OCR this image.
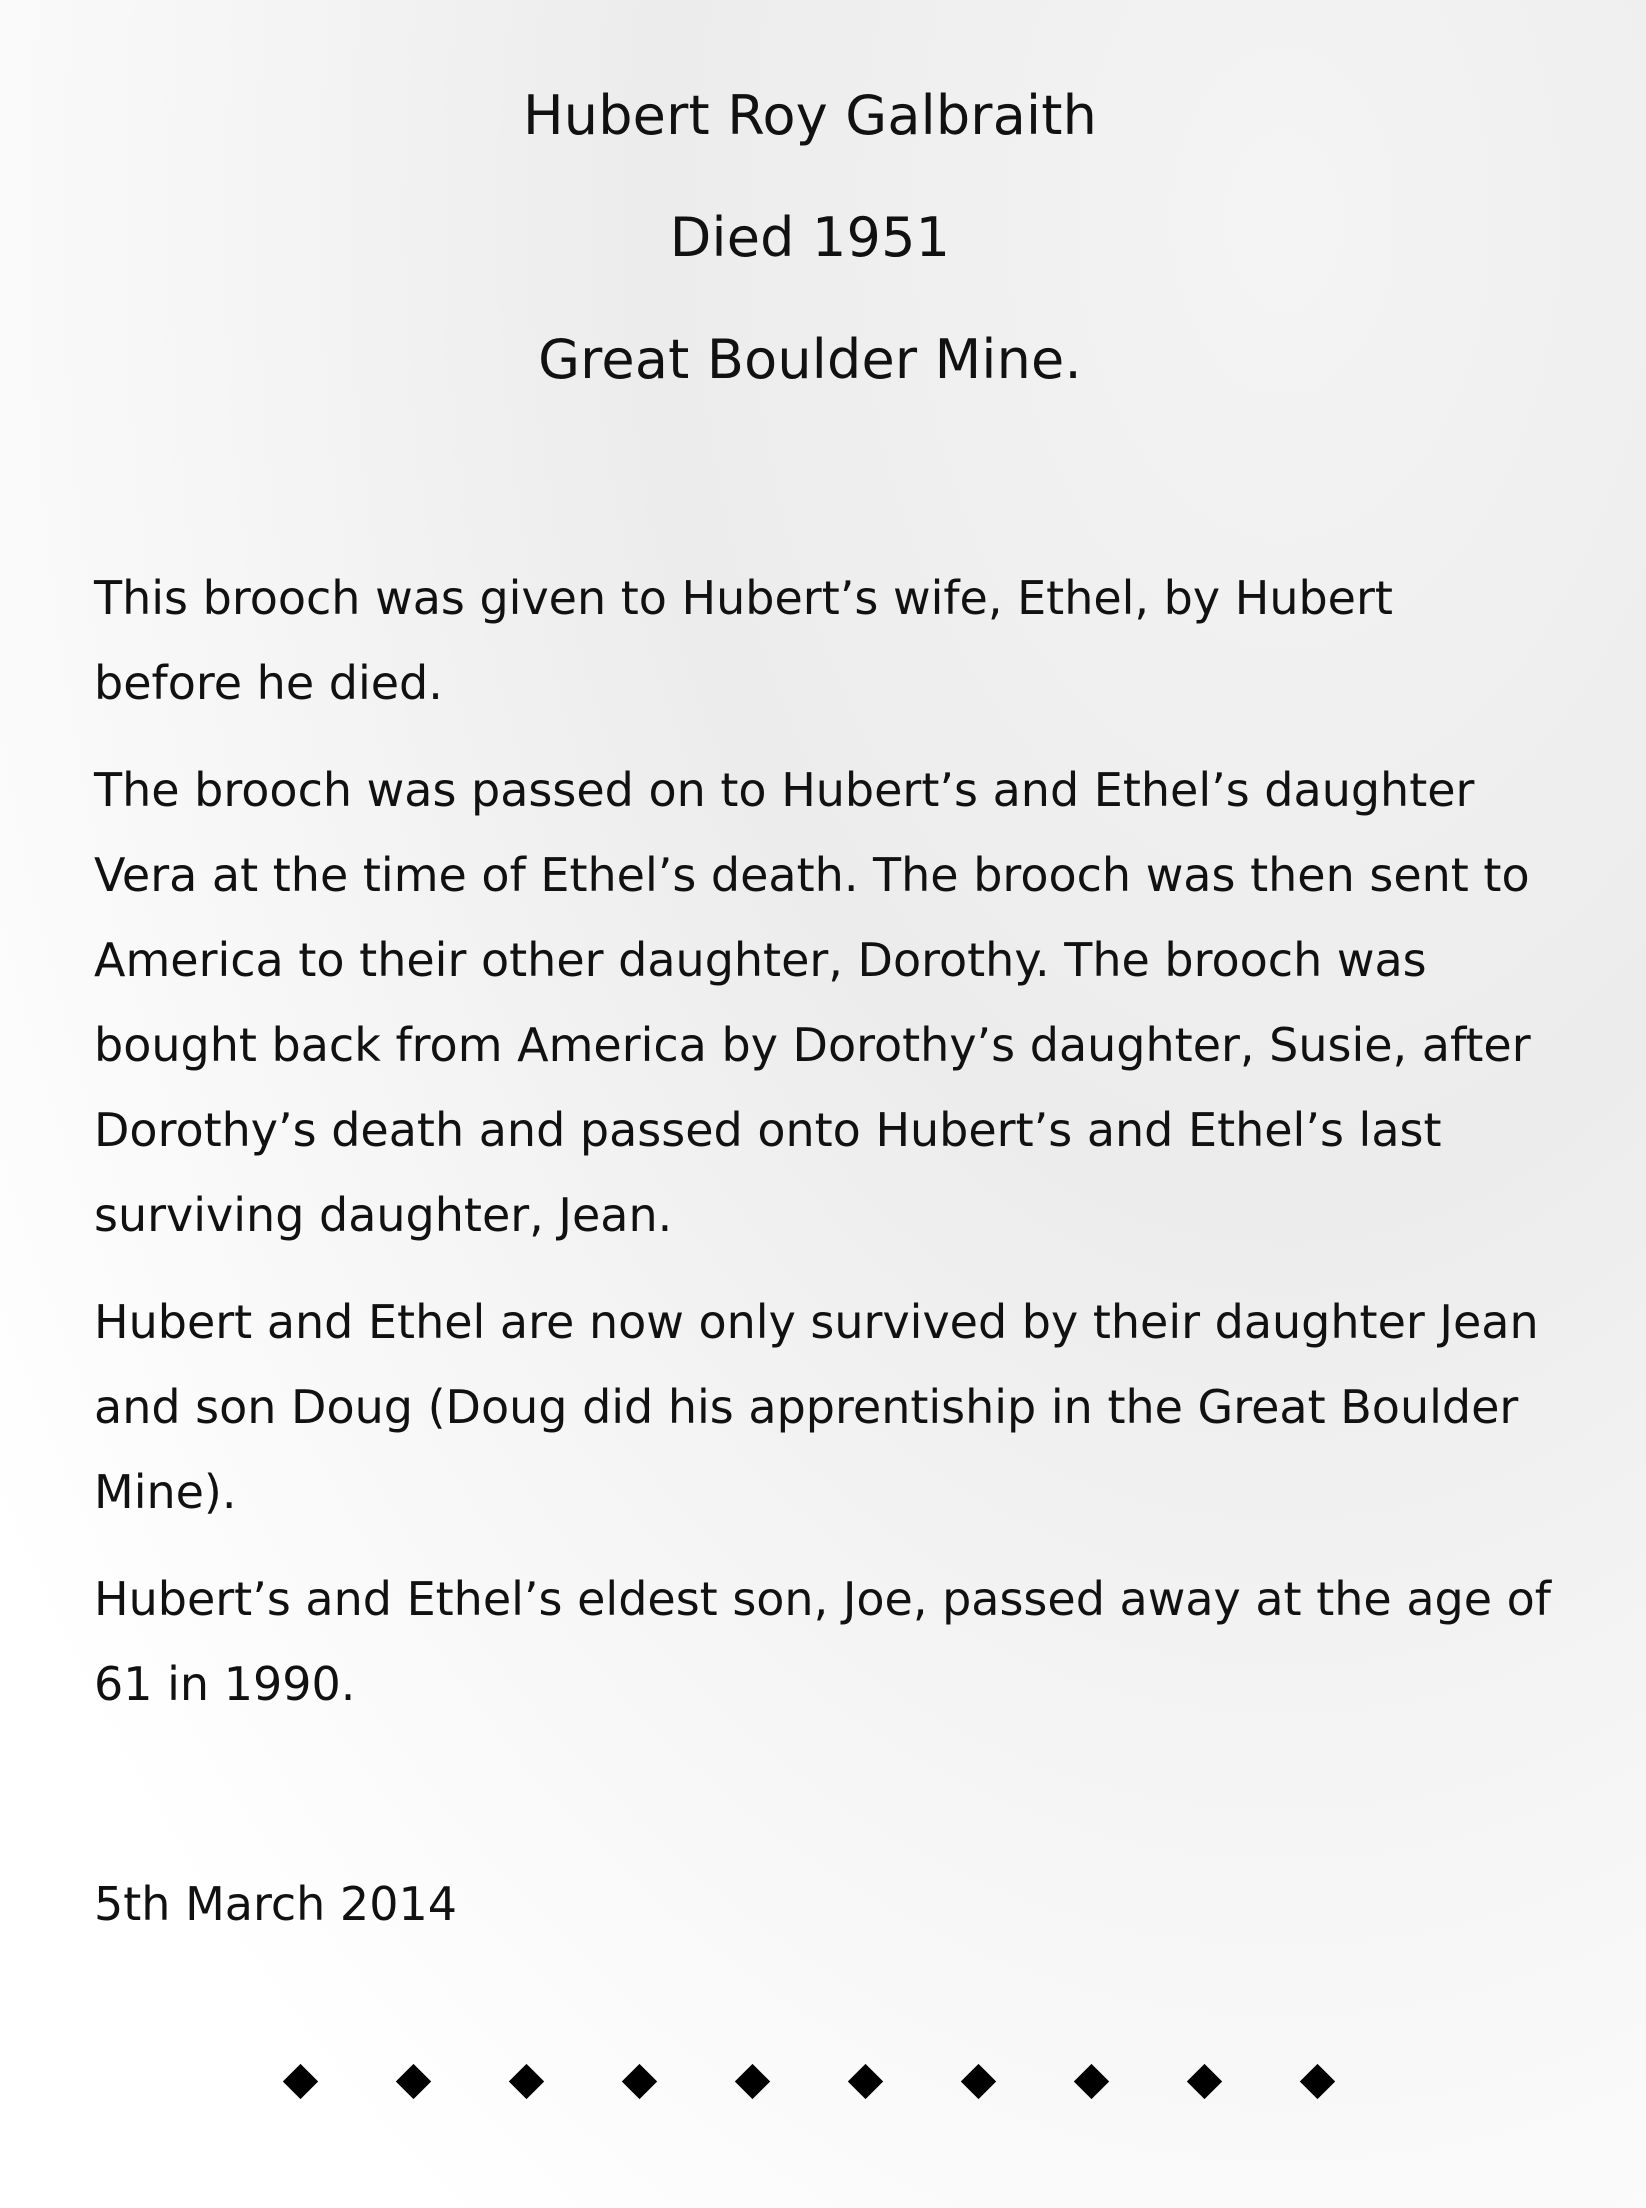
Hubert Roy Galbraith
Died 1951
Great Boulder Mine.

This brooch was given to Hubert’s wife, Ethel, by Hubert before he died.

The brooch was passed on to Hubert’s and Ethel’s daughter Vera at the time of Ethel’s death. The brooch was then sent to America to their other daughter, Dorothy. The brooch was bought back from America by Dorothy’s daughter, Susie, after Dorothy’s death and passed onto Hubert’s and Ethel’s last surviving daughter, Jean.

Hubert and Ethel are now only survived by their daughter Jean and son Doug (Doug did his apprentiship in the Great Boulder Mine).

Hubert’s and Ethel’s eldest son, Joe, passed away at the age of 61 in 1990.

5th March 2014
